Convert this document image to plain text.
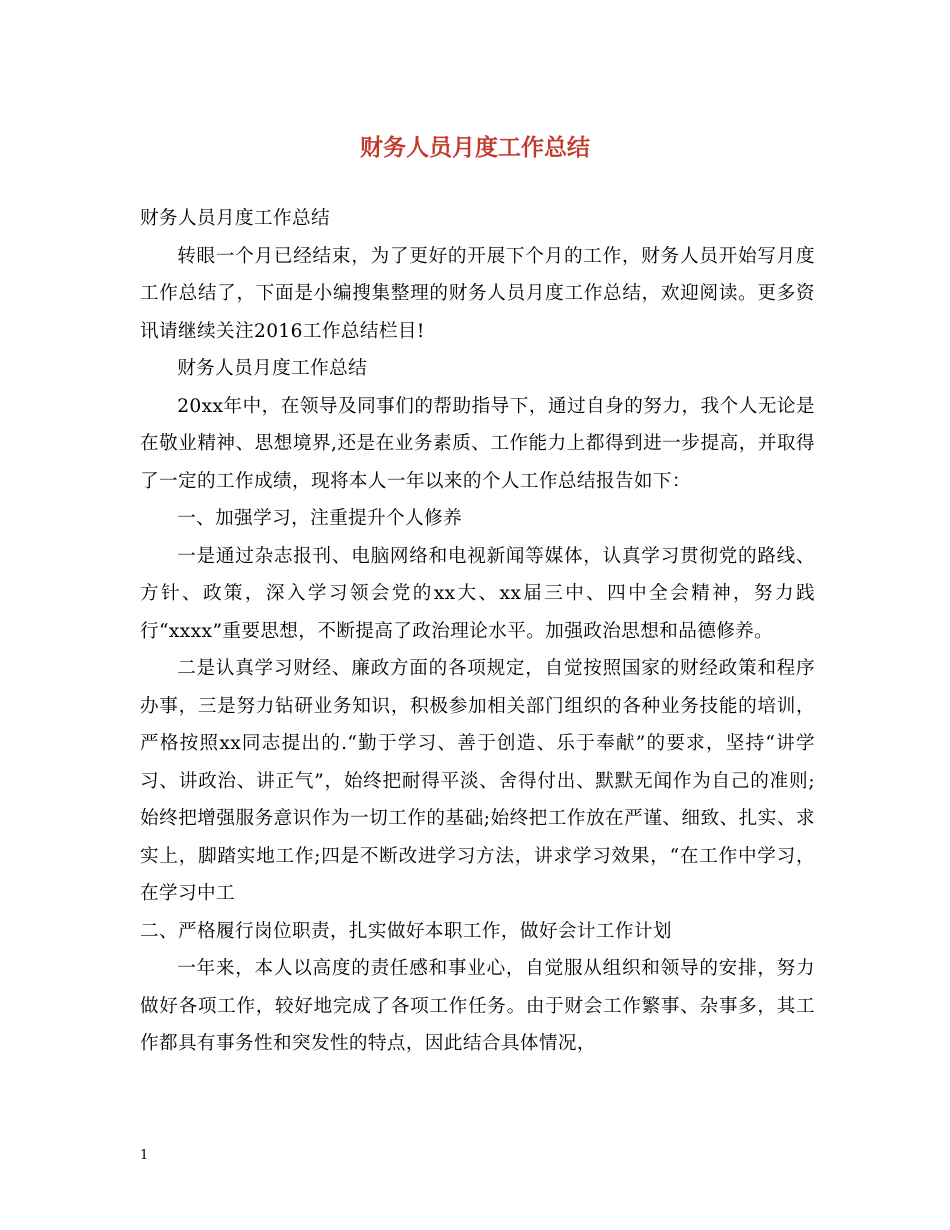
财务人员月度工作总结

财务人员月度工作总结

转眼一个月已经结束，为了更好的开展下个月的工作，财务人员开始写月度工作总结了，下面是小编搜集整理的财务人员月度工作总结，欢迎阅读。更多资讯请继续关注2016工作总结栏目!

财务人员月度工作总结

20xx年中，在领导及同事们的帮助指导下，通过自身的努力，我个人无论是在敬业精神、思想境界,还是在业务素质、工作能力上都得到进一步提高，并取得了一定的工作成绩，现将本人一年以来的个人工作总结报告如下：

一、加强学习，注重提升个人修养

一是通过杂志报刊、电脑网络和电视新闻等媒体，认真学习贯彻党的路线、方针、政策，深入学习领会党的xx大、xx届三中、四中全会精神，努力践行“xxxx”重要思想，不断提高了政治理论水平。加强政治思想和品德修养。

二是认真学习财经、廉政方面的各项规定，自觉按照国家的财经政策和程序办事，三是努力钻研业务知识，积极参加相关部门组织的各种业务技能的培训，严格按照xx同志提出的.“勤于学习、善于创造、乐于奉献”的要求，坚持“讲学习、讲政治、讲正气”，始终把耐得平淡、舍得付出、默默无闻作为自己的准则;始终把增强服务意识作为一切工作的基础;始终把工作放在严谨、细致、扎实、求实上，脚踏实地工作;四是不断改进学习方法，讲求学习效果，“在工作中学习，在学习中工

二、严格履行岗位职责，扎实做好本职工作，做好会计工作计划

一年来，本人以高度的责任感和事业心，自觉服从组织和领导的安排，努力做好各项工作，较好地完成了各项工作任务。由于财会工作繁事、杂事多，其工作都具有事务性和突发性的特点，因此结合具体情况，

1
